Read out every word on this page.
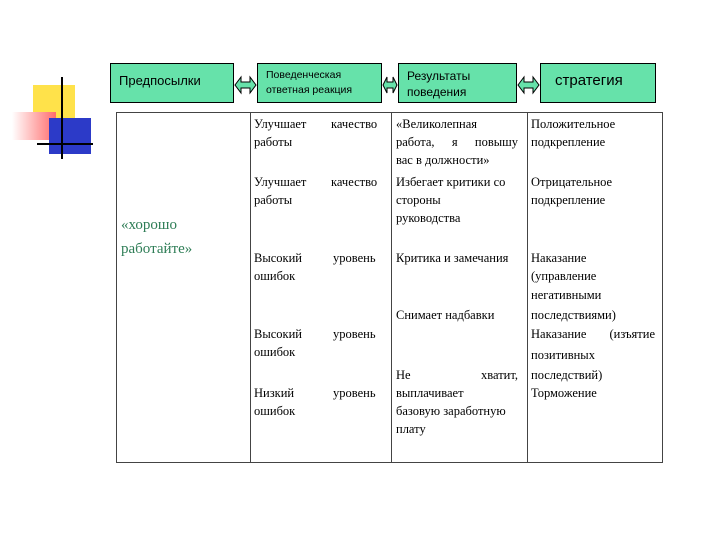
Предпосылки	Поведенческая
ответная реакция
Результаты
поведения
стратегия
«хорошо
работайте»
Улучшает качество
работы
Улучшает качество
работы
Высокий уровень
ошибок
Высокий уровень
ошибок
Низкий	уровень
ошибок
«Великолепная
работа, я повышу
вас в должности»
Избегает критики со
стороны
руководства
Критика и замечания
Снимает надбавки
Не хватит,
выплачивает
базовую заработную
плату
Положительное
подкрепление
Отрицательное
подкрепление
Наказание
(управление
негативными
последствиями)
Наказание (изъятие
позитивных
последствий)
Торможение
